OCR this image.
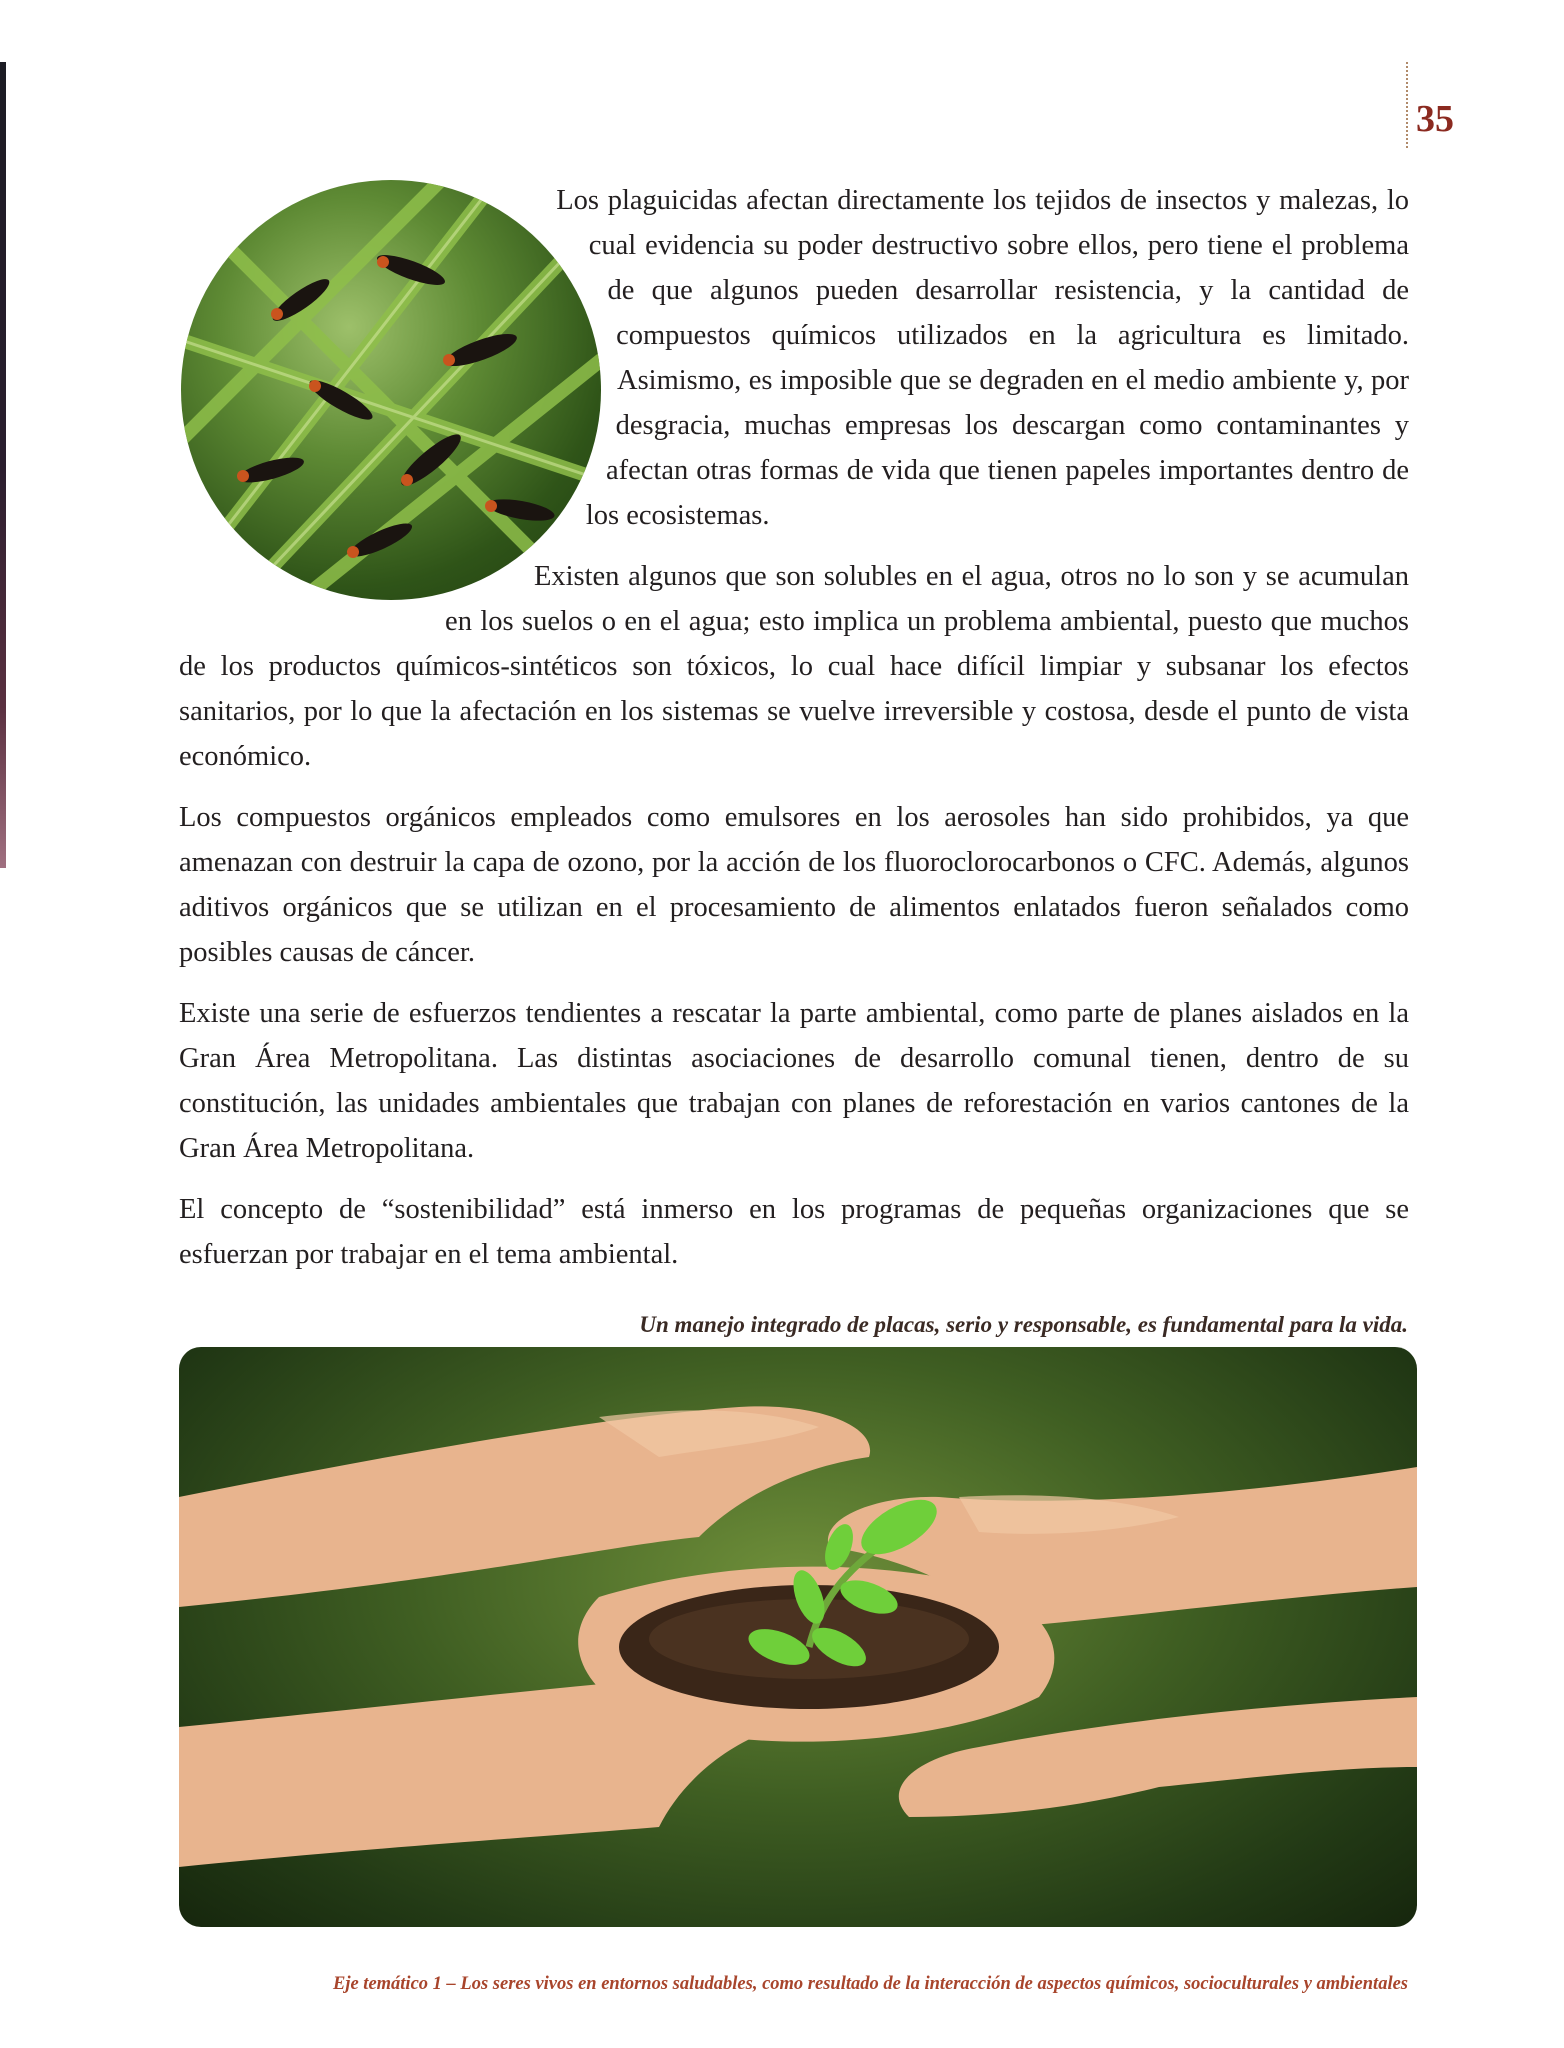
35

Los plaguicidas afectan directamente los tejidos de insectos y malezas, lo cual evidencia su poder destructivo sobre ellos, pero tiene el problema de que algunos pueden desarrollar resistencia, y la cantidad de compuestos químicos utilizados en la agricultura es limitado. Asimismo, es imposible que se degraden en el medio ambiente y, por desgracia, muchas empresas los descargan como contaminantes y afectan otras formas de vida que tienen papeles importantes dentro de los ecosistemas.

Existen algunos que son solubles en el agua, otros no lo son y se acumulan en los suelos o en el agua; esto implica un problema ambiental, puesto que muchos de los productos químicos-sintéticos son tóxicos, lo cual hace difícil limpiar y subsanar los efectos sanitarios, por lo que la afectación en los sistemas se vuelve irreversible y costosa, desde el punto de vista económico.

Los compuestos orgánicos empleados como emulsores en los aerosoles han sido prohibidos, ya que amenazan con destruir la capa de ozono, por la acción de los fluoroclorocarbonos o CFC. Además, algunos aditivos orgánicos que se utilizan en el procesamiento de alimentos enlatados fueron señalados como posibles causas de cáncer.

Existe una serie de esfuerzos tendientes a rescatar la parte ambiental, como parte de planes aislados en la Gran Área Metropolitana. Las distintas asociaciones de desarrollo comunal tienen, dentro de su constitución, las unidades ambientales que trabajan con planes de reforestación en varios cantones de la Gran Área Metropolitana.

El concepto de “sostenibilidad” está inmerso en los programas de pequeñas organizaciones que se esfuerzan por trabajar en el tema ambiental.

Un manejo integrado de placas, serio y responsable, es fundamental para la vida.
Eje temático 1 – Los seres vivos en entornos saludables, como resultado de la interacción de aspectos químicos, socioculturales y ambientales
